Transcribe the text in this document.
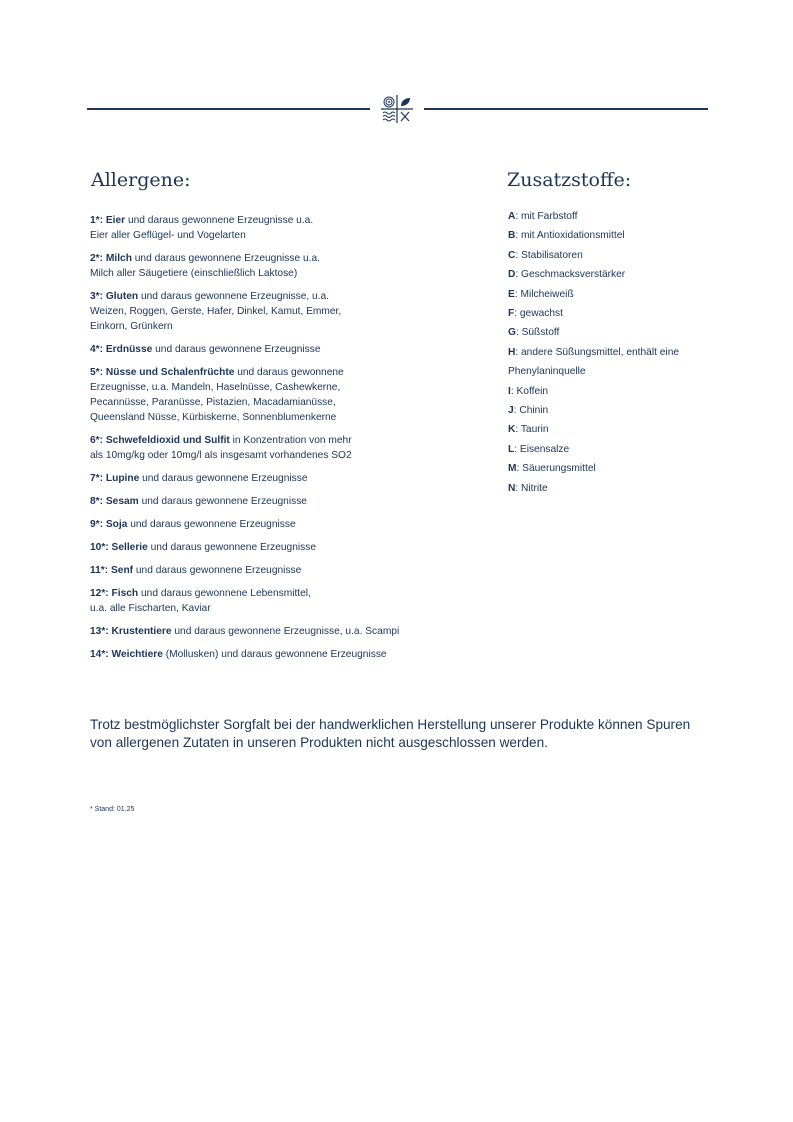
Allergene:
1*: Eier und daraus gewonnene Erzeugnisse u.a.
Eier aller Geflügel- und Vogelarten
2*: Milch und daraus gewonnene Erzeugnisse u.a.
Milch aller Säugetiere (einschließlich Laktose)
3*: Gluten und daraus gewonnene Erzeugnisse, u.a.
Weizen, Roggen, Gerste, Hafer, Dinkel, Kamut, Emmer,
Einkorn, Grünkern
4*: Erdnüsse und daraus gewonnene Erzeugnisse
5*: Nüsse und Schalenfrüchte und daraus gewonnene
Erzeugnisse, u.a. Mandeln, Haselnüsse, Cashewkerne,
Pecannüsse, Paranüsse, Pistazien, Macadamianüsse,
Queensland Nüsse, Kürbiskerne, Sonnenblumenkerne
6*: Schwefeldioxid und Sulfit in Konzentration von mehr
als 10mg/kg oder 10mg/l als insgesamt vorhandenes SO2
7*: Lupine und daraus gewonnene Erzeugnisse
8*: Sesam und daraus gewonnene Erzeugnisse
9*: Soja und daraus gewonnene Erzeugnisse
10*: Sellerie und daraus gewonnene Erzeugnisse
11*: Senf und daraus gewonnene Erzeugnisse
12*: Fisch und daraus gewonnene Lebensmittel,
u.a. alle Fischarten, Kaviar
13*: Krustentiere und daraus gewonnene Erzeugnisse, u.a. Scampi
14*: Weichtiere (Mollusken) und daraus gewonnene Erzeugnisse
Zusatzstoffe:
A: mit Farbstoff
B: mit Antioxidationsmittel
C: Stabilisatoren
D: Geschmacksverstärker
E: Milcheiweiß
F: gewachst
G: Süßstoff
H: andere Süßungsmittel, enthält eine
Phenylaninquelle
I: Koffein
J: Chinin
K: Taurin
L: Eisensalze
M: Säuerungsmittel
N: Nitrite

Trotz bestmöglichster Sorgfalt bei der handwerklichen Herstellung unserer Produkte können Spuren
von allergenen Zutaten in unseren Produkten nicht ausgeschlossen werden.

* Stand: 01.25
